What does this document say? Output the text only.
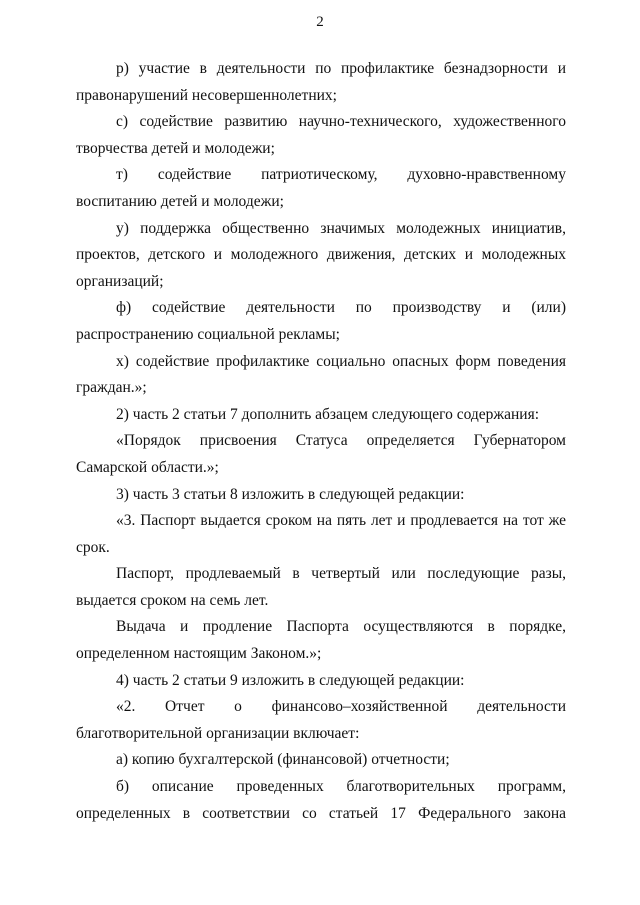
2

р) участие в деятельности по профилактике безнадзорности и правонарушений несовершеннолетних;

с) содействие развитию научно-технического, художественного творчества детей и молодежи;

т) содействие патриотическому, духовно-нравственному воспитанию детей и молодежи;

у) поддержка общественно значимых молодежных инициатив, проектов, детского и молодежного движения, детских и молодежных организаций;

ф) содействие деятельности по производству и (или) распространению социальной рекламы;

х) содействие профилактике социально опасных форм поведения граждан.»;

2) часть 2 статьи 7 дополнить абзацем следующего содержания:

«Порядок присвоения Статуса определяется Губернатором Самарской области.»;

3) часть 3 статьи 8 изложить в следующей редакции:

«3. Паспорт выдается сроком на пять лет и продлевается на тот же срок.

Паспорт, продлеваемый в четвертый или последующие разы, выдается сроком на семь лет.

Выдача и продление Паспорта осуществляются в порядке, определенном настоящим Законом.»;

4) часть 2 статьи 9 изложить в следующей редакции:

«2. Отчет о финансово–хозяйственной деятельности благотворительной организации включает:

а) копию бухгалтерской (финансовой) отчетности;

б) описание проведенных благотворительных программ, определенных в соответствии со статьей 17 Федерального закона
